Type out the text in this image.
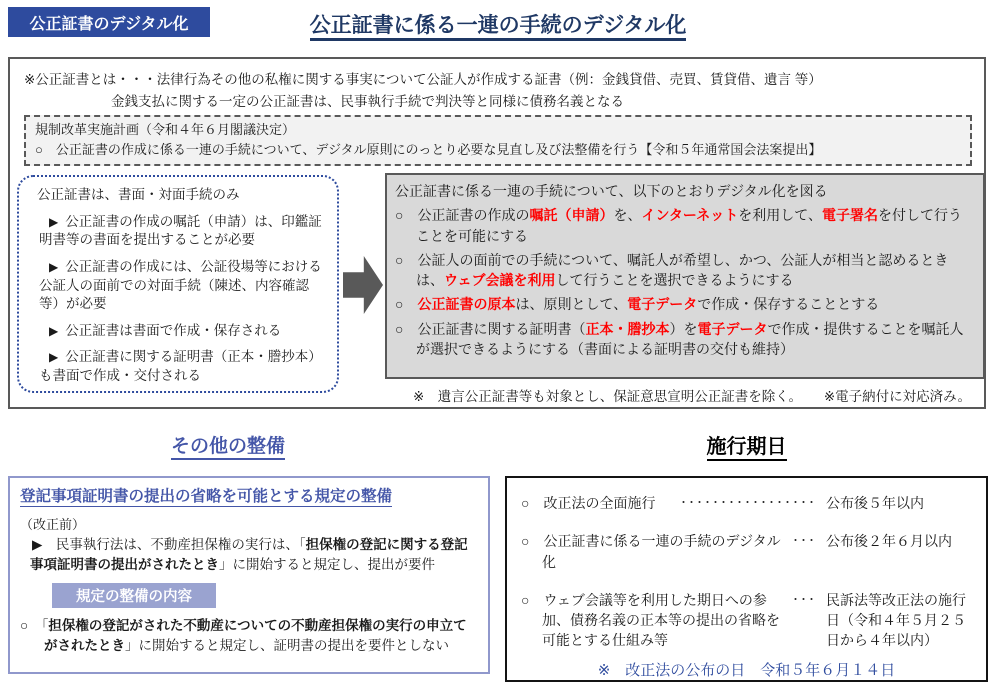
公正証書のデジタル化	公正証書に係る一連の手続のデジタル化
※公正証書とは・・・法律行為その他の私権に関する事実について公証人が作成する証書（例：金銭貸借、売買、賃貸借、遺言 等）
金銭支払に関する一定の公正証書は、民事執行手続で判決等と同様に債務名義となる
規制改革実施計画（令和４年６月閣議決定）
○　公正証書の作成に係る一連の手続について、デジタル原則にのっとり必要な見直し及び法整備を行う【令和５年通常国会法案提出】
公正証書は、書面・対面手続のみ
▶ 公正証書の作成の嘱託（申請）は、印鑑証明書等の書面を提出することが必要
▶ 公正証書の作成には、公証役場等における公証人の面前での対面手続（陳述、内容確認等）が必要
▶ 公正証書は書面で作成・保存される
▶ 公正証書に関する証明書（正本・謄抄本）も書面で作成・交付される
公正証書に係る一連の手続について、以下のとおりデジタル化を図る
○　公正証書の作成の嘱託（申請）を、インターネットを利用して、電子署名を付して行うことを可能にする
○　公証人の面前での手続について、嘱託人が希望し、かつ、公証人が相当と認めるときは、ウェブ会議を利用して行うことを選択できるようにする
○　公正証書の原本は、原則として、電子データで作成・保存することとする
○　公正証書に関する証明書（正本・謄抄本）を電子データで作成・提供することを嘱託人が選択できるようにする（書面による証明書の交付も維持）
※　遺言公正証書等も対象とし、保証意思宣明公正証書を除く。 ※電子納付に対応済み。
その他の整備
登記事項証明書の提出の省略を可能とする規定の整備
（改正前）
▶　民事執行法は、不動産担保権の実行は、「担保権の登記に関する登記事項証明書の提出がされたとき」に開始すると規定し、提出が要件
規定の整備の内容
○　「担保権の登記がされた不動産についての不動産担保権の実行の申立てがされたとき」に開始すると規定し、証明書の提出を要件としない
施行期日
○　改正法の全面施行	・・・・・・・・・・・・・・・・・ 公布後５年以内
○　公正証書に係る一連の手続のデジタル化
・・・ 公布後２年６月以内
○　ウェブ会議等を利用した期日への参加、債務名義の正本等の提出の省略を可能とする仕組み等
・・・ 民訴法等改正法の施行日（令和４年５月２５日から４年以内）
※　改正法の公布の日　令和５年６月１４日
